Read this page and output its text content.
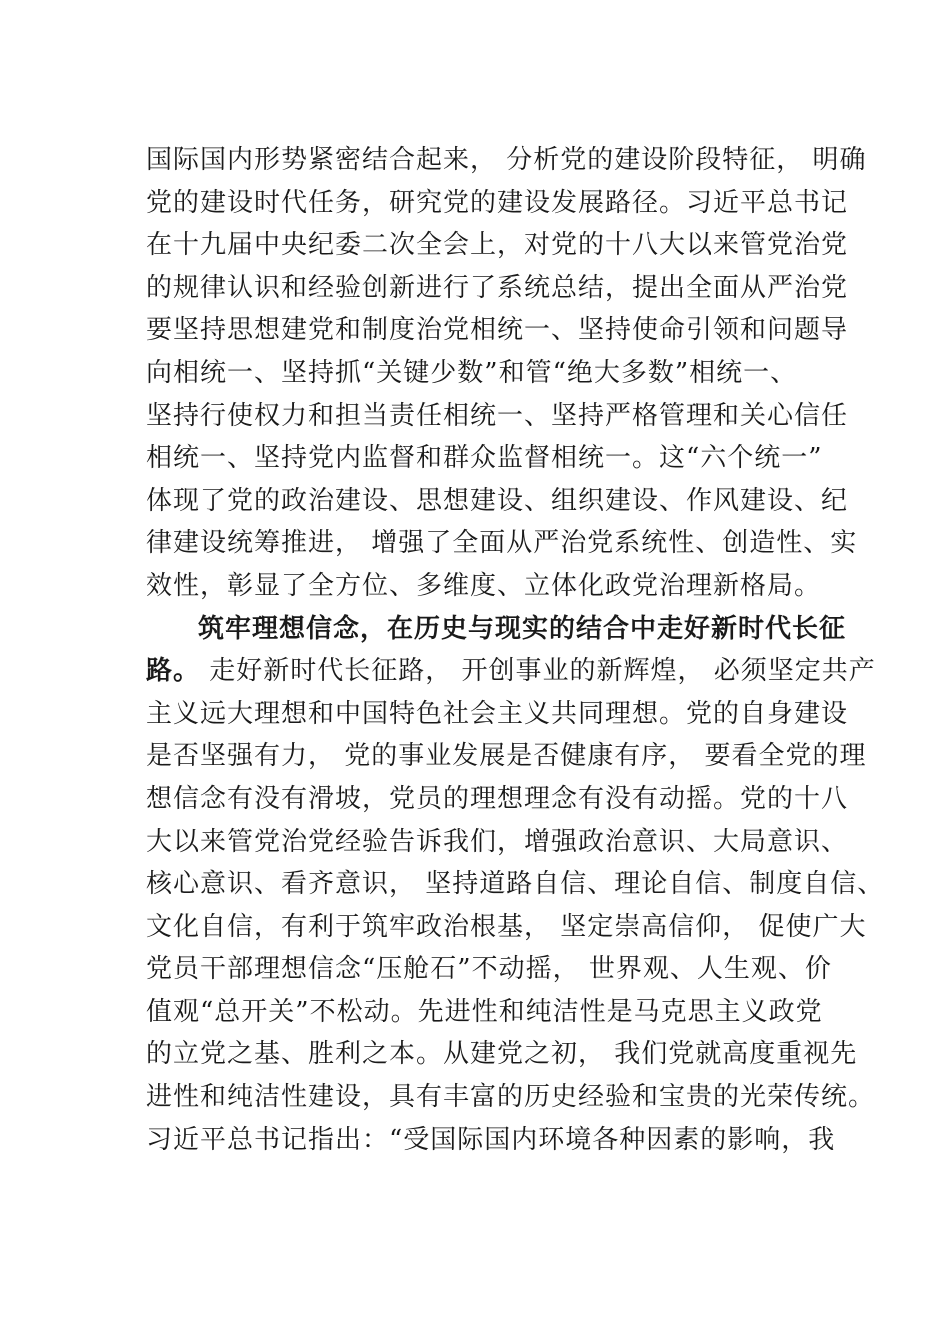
国际国内形势紧密结合起来， 分析党的建设阶段特征， 明确
党的建设时代任务，研究党的建设发展路径。习近平总书记
在十九届中央纪委二次全会上，对党的十八大以来管党治党
的规律认识和经验创新进行了系统总结，提出全面从严治党
要坚持思想建党和制度治党相统一、坚持使命引领和问题导
向相统一、坚持抓“关键少数”和管“绝大多数”相统一、
坚持行使权力和担当责任相统一、坚持严格管理和关心信任
相统一、坚持党内监督和群众监督相统一。这“六个统一”
体现了党的政治建设、思想建设、组织建设、作风建设、纪
律建设统筹推进， 增强了全面从严治党系统性、创造性、实
效性，彰显了全方位、多维度、立体化政党治理新格局。
筑牢理想信念，在历史与现实的结合中走好新时代长征
路。 走好新时代长征路， 开创事业的新辉煌， 必须坚定共产
主义远大理想和中国特色社会主义共同理想。党的自身建设
是否坚强有力， 党的事业发展是否健康有序， 要看全党的理
想信念有没有滑坡，党员的理想理念有没有动摇。党的十八
大以来管党治党经验告诉我们，增强政治意识、大局意识、
核心意识、看齐意识， 坚持道路自信、理论自信、制度自信、
文化自信，有利于筑牢政治根基， 坚定崇高信仰， 促使广大
党员干部理想信念“压舱石”不动摇， 世界观、人生观、价
值观“总开关”不松动。先进性和纯洁性是马克思主义政党
的立党之基、胜利之本。从建党之初， 我们党就高度重视先
进性和纯洁性建设，具有丰富的历史经验和宝贵的光荣传统。
习近平总书记指出：“受国际国内环境各种因素的影响，我
